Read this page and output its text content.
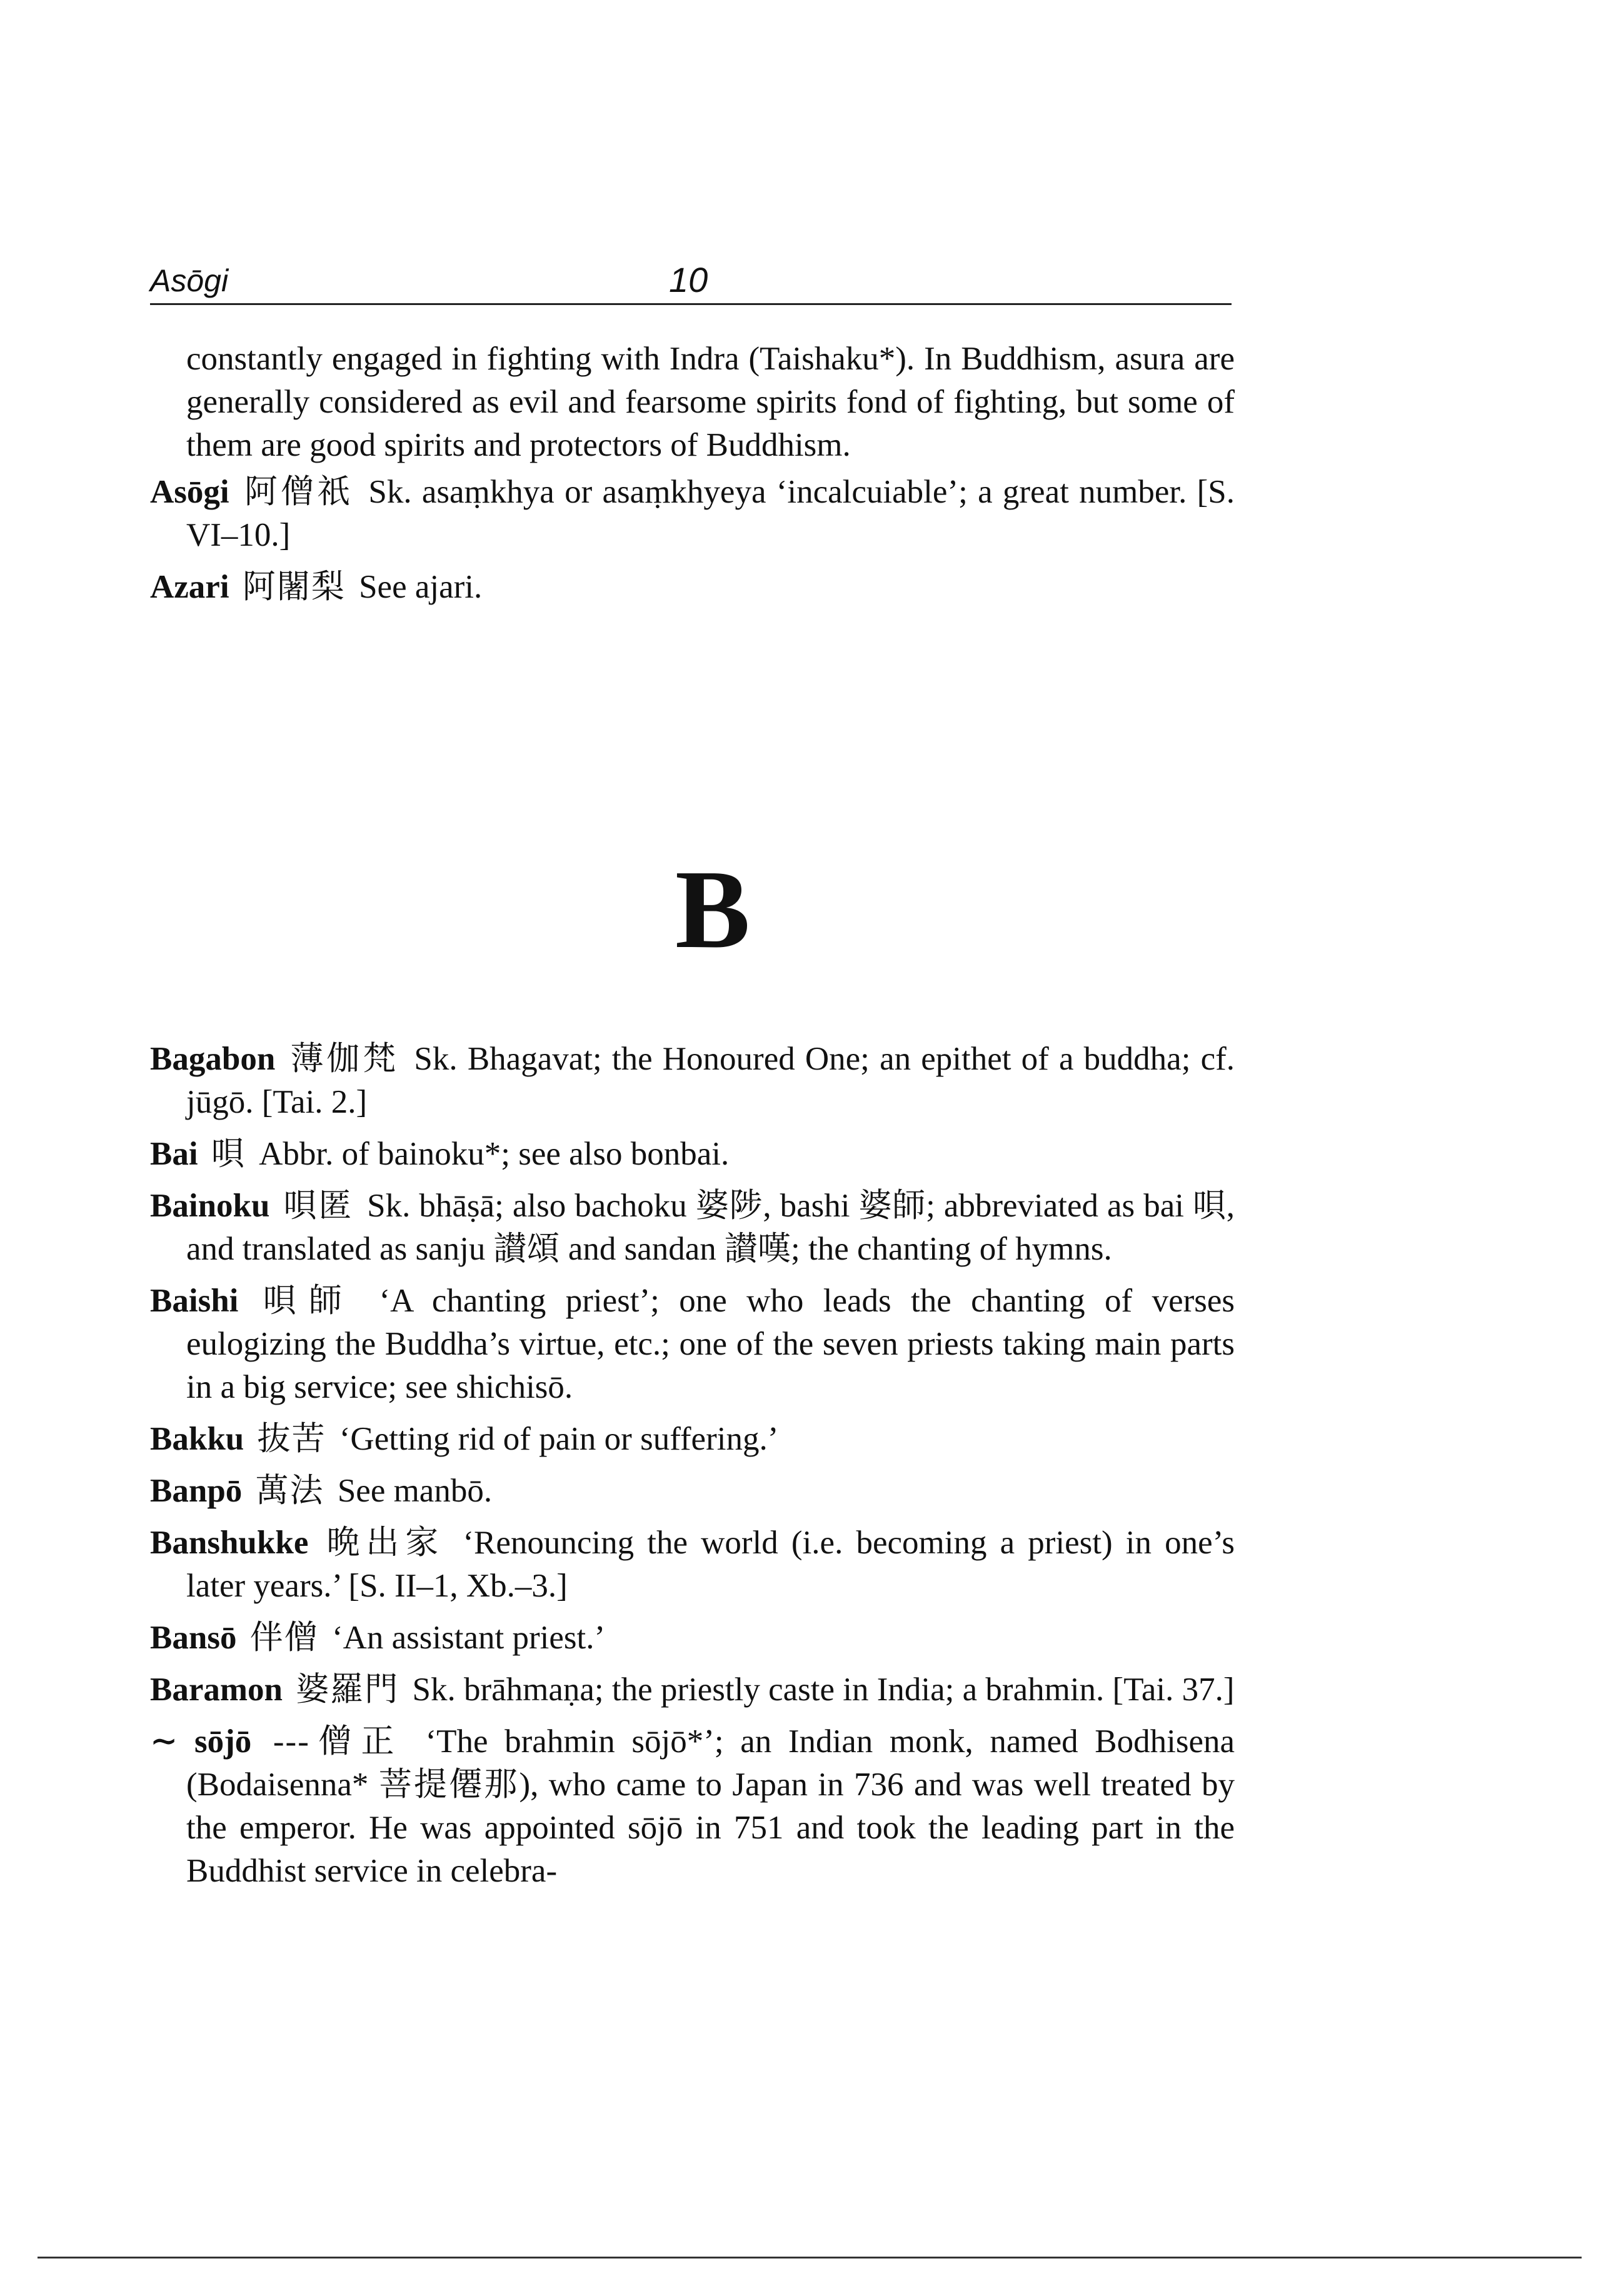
Asōgi	10
constantly engaged in fighting with Indra (Taishaku*). In Buddhism, asura are generally considered as evil and fearsome spirits fond of fighting, but some of them are good spirits and protectors of Buddhism.
Asōgi 阿僧祇 Sk. asaṃkhya or asaṃkhyeya ‘incalcuiable’; a great number. [S. VI–10.]
Azari 阿闍梨 See ajari.
B
Bagabon 薄伽梵 Sk. Bhagavat; the Honoured One; an epithet of a buddha; cf. jūgō. [Tai. 2.]
Bai 唄 Abbr. of bainoku*; see also bonbai.
Bainoku 唄匿 Sk. bhāṣā; also bachoku 婆陟, bashi 婆師; abbreviated as bai 唄, and translated as sanju 讃頌 and sandan 讃嘆; the chanting of hymns.
Baishi 唄師 ‘A chanting priest’; one who leads the chanting of verses eulogizing the Buddha’s virtue, etc.; one of the seven priests taking main parts in a big service; see shichisō.
Bakku 抜苦 ‘Getting rid of pain or suffering.’
Banpō 萬法 See manbō.
Banshukke 晩出家 ‘Renouncing the world (i.e. becoming a priest) in one’s later years.’ [S. II–1, Xb.–3.]
Bansō 伴僧 ‘An assistant priest.’
Baramon 婆羅門 Sk. brāhmaṇa; the priestly caste in India; a brahmin. [Tai. 37.]
∼ sōjō ---僧正 ‘The brahmin sōjō*’; an Indian monk, named Bodhisena (Bodaisenna* 菩提僊那), who came to Japan in 736 and was well treated by the emperor. He was appointed sōjō in 751 and took the leading part in the Buddhist service in celebra-
